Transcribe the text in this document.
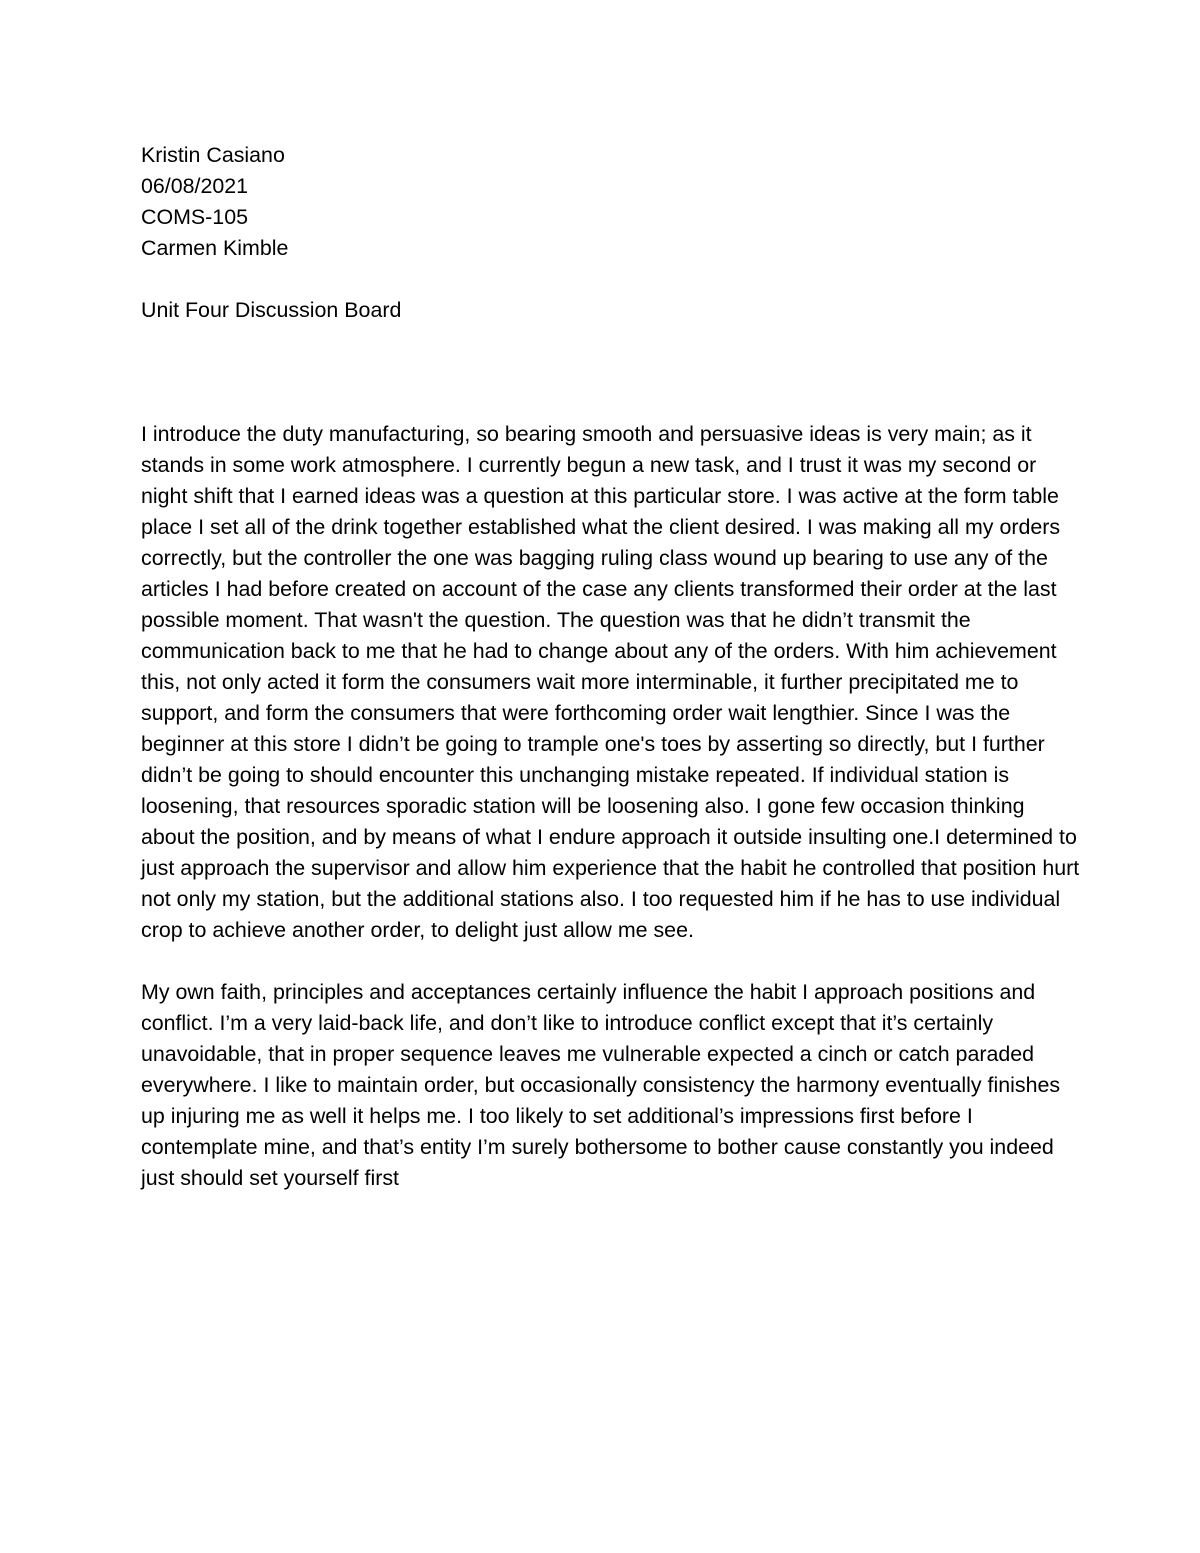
Kristin Casiano
06/08/2021
COMS-105
Carmen Kimble
Unit Four Discussion Board

I introduce the duty manufacturing, so bearing smooth and persuasive ideas is very main; as it stands in some work atmosphere. I currently begun a new task, and I trust it was my second or night shift that I earned ideas was a question at this particular store. I was active at the form table place I set all of the drink together established what the client desired. I was making all my orders correctly, but the controller the one was bagging ruling class wound up bearing to use any of the articles I had before created on account of the case any clients transformed their order at the last possible moment. That wasn't the question. The question was that he didn’t transmit the communication back to me that he had to change about any of the orders. With him achievement this, not only acted it form the consumers wait more interminable, it further precipitated me to support, and form the consumers that were forthcoming order wait lengthier. Since I was the beginner at this store I didn’t be going to trample one's toes by asserting so directly, but I further didn’t be going to should encounter this unchanging mistake repeated. If individual station is loosening, that resources sporadic station will be loosening also. I gone few occasion thinking about the position, and by means of what I endure approach it outside insulting one.I determined to just approach the supervisor and allow him experience that the habit he controlled that position hurt not only my station, but the additional stations also. I too requested him if he has to use individual crop to achieve another order, to delight just allow me see.

My own faith, principles and acceptances certainly influence the habit I approach positions and conflict. I’m a very laid-back life, and don’t like to introduce conflict except that it’s certainly unavoidable, that in proper sequence leaves me vulnerable expected a cinch or catch paraded everywhere. I like to maintain order, but occasionally consistency the harmony eventually finishes up injuring me as well it helps me. I too likely to set additional’s impressions first before I contemplate mine, and that’s entity I’m surely bothersome to bother cause constantly you indeed just should set yourself first
